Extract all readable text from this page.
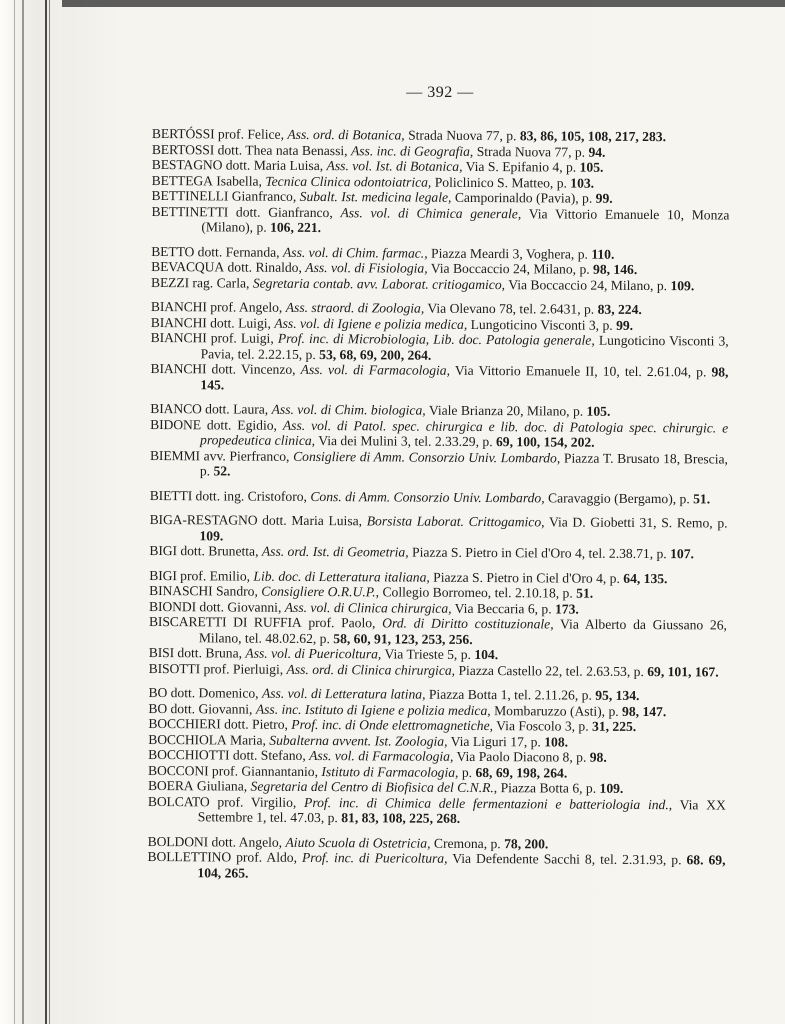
— 392 —

BERTÓSSI prof. Felice, Ass. ord. di Botanica, Strada Nuova 77, p. 83, 86, 105, 108, 217, 283.

BERTOSSI dott. Thea nata Benassi, Ass. inc. di Geografia, Strada Nuova 77, p. 94.

BESTAGNO dott. Maria Luisa, Ass. vol. Ist. di Botanica, Via S. Epifanio 4, p. 105.

BETTEGA Isabella, Tecnica Clinica odontoiatrica, Policlinico S. Matteo, p. 103.

BETTINELLI Gianfranco, Subalt. Ist. medicina legale, Camporinaldo (Pavia), p. 99.

BETTINETTI dott. Gianfranco, Ass. vol. di Chimica generale, Via Vittorio Emanuele 10, Monza (Milano), p. 106, 221.

BETTO dott. Fernanda, Ass. vol. di Chim. farmac., Piazza Meardi 3, Voghera, p. 110.

BEVACQUA dott. Rinaldo, Ass. vol. di Fisiologia, Via Boccaccio 24, Milano, p. 98, 146.

BEZZI rag. Carla, Segretaria contab. avv. Laborat. critiogamico, Via Boccaccio 24, Milano, p. 109.

BIANCHI prof. Angelo, Ass. straord. di Zoologia, Via Olevano 78, tel. 2.6431, p. 83, 224.

BIANCHI dott. Luigi, Ass. vol. di Igiene e polizia medica, Lungoticino Visconti 3, p. 99.

BIANCHI prof. Luigi, Prof. inc. di Microbiologia, Lib. doc. Patologia generale, Lungoticino Visconti 3, Pavia, tel. 2.22.15, p. 53, 68, 69, 200, 264.

BIANCHI dott. Vincenzo, Ass. vol. di Farmacologia, Via Vittorio Emanuele II, 10, tel. 2.61.04, p. 98, 145.

BIANCO dott. Laura, Ass. vol. di Chim. biologica, Viale Brianza 20, Milano, p. 105.

BIDONE dott. Egidio, Ass. vol. di Patol. spec. chirurgica e lib. doc. di Patologia spec. chirurgic. e propedeutica clinica, Via dei Mulini 3, tel. 2.33.29, p. 69, 100, 154, 202.

BIEMMI avv. Pierfranco, Consigliere di Amm. Consorzio Univ. Lombardo, Piazza T. Brusato 18, Brescia, p. 52.

BIETTI dott. ing. Cristoforo, Cons. di Amm. Consorzio Univ. Lombardo, Caravaggio (Bergamo), p. 51.

BIGA-RESTAGNO dott. Maria Luisa, Borsista Laborat. Crittogamico, Via D. Giobetti 31, S. Remo, p. 109.

BIGI dott. Brunetta, Ass. ord. Ist. di Geometria, Piazza S. Pietro in Ciel d'Oro 4, tel. 2.38.71, p. 107.

BIGI prof. Emilio, Lib. doc. di Letteratura italiana, Piazza S. Pietro in Ciel d'Oro 4, p. 64, 135.

BINASCHI Sandro, Consigliere O.R.U.P., Collegio Borromeo, tel. 2.10.18, p. 51.

BIONDI dott. Giovanni, Ass. vol. di Clinica chirurgica, Via Beccaria 6, p. 173.

BISCARETTI DI RUFFIA prof. Paolo, Ord. di Diritto costituzionale, Via Alberto da Giussano 26, Milano, tel. 48.02.62, p. 58, 60, 91, 123, 253, 256.

BISI dott. Bruna, Ass. vol. di Puericoltura, Via Trieste 5, p. 104.

BISOTTI prof. Pierluigi, Ass. ord. di Clinica chirurgica, Piazza Castello 22, tel. 2.63.53, p. 69, 101, 167.

BO dott. Domenico, Ass. vol. di Letteratura latina, Piazza Botta 1, tel. 2.11.26, p. 95, 134.

BO dott. Giovanni, Ass. inc. Istituto di Igiene e polizia medica, Mombaruzzo (Asti), p. 98, 147.

BOCCHIERI dott. Pietro, Prof. inc. di Onde elettromagnetiche, Via Foscolo 3, p. 31, 225.

BOCCHIOLA Maria, Subalterna avvent. Ist. Zoologia, Via Liguri 17, p. 108.

BOCCHIOTTI dott. Stefano, Ass. vol. di Farmacologia, Via Paolo Diacono 8, p. 98.

BOCCONI prof. Giannantanio, Istituto di Farmacologia, p. 68, 69, 198, 264.

BOERA Giuliana, Segretaria del Centro di Biofisica del C.N.R., Piazza Botta 6, p. 109.

BOLCATO prof. Virgilio, Prof. inc. di Chimica delle fermentazioni e batteriologia ind., Via XX Settembre 1, tel. 47.03, p. 81, 83, 108, 225, 268.

BOLDONI dott. Angelo, Aiuto Scuola di Ostetricia, Cremona, p. 78, 200.

BOLLETTINO prof. Aldo, Prof. inc. di Puericoltura, Via Defendente Sacchi 8, tel. 2.31.93, p. 68. 69, 104, 265.
